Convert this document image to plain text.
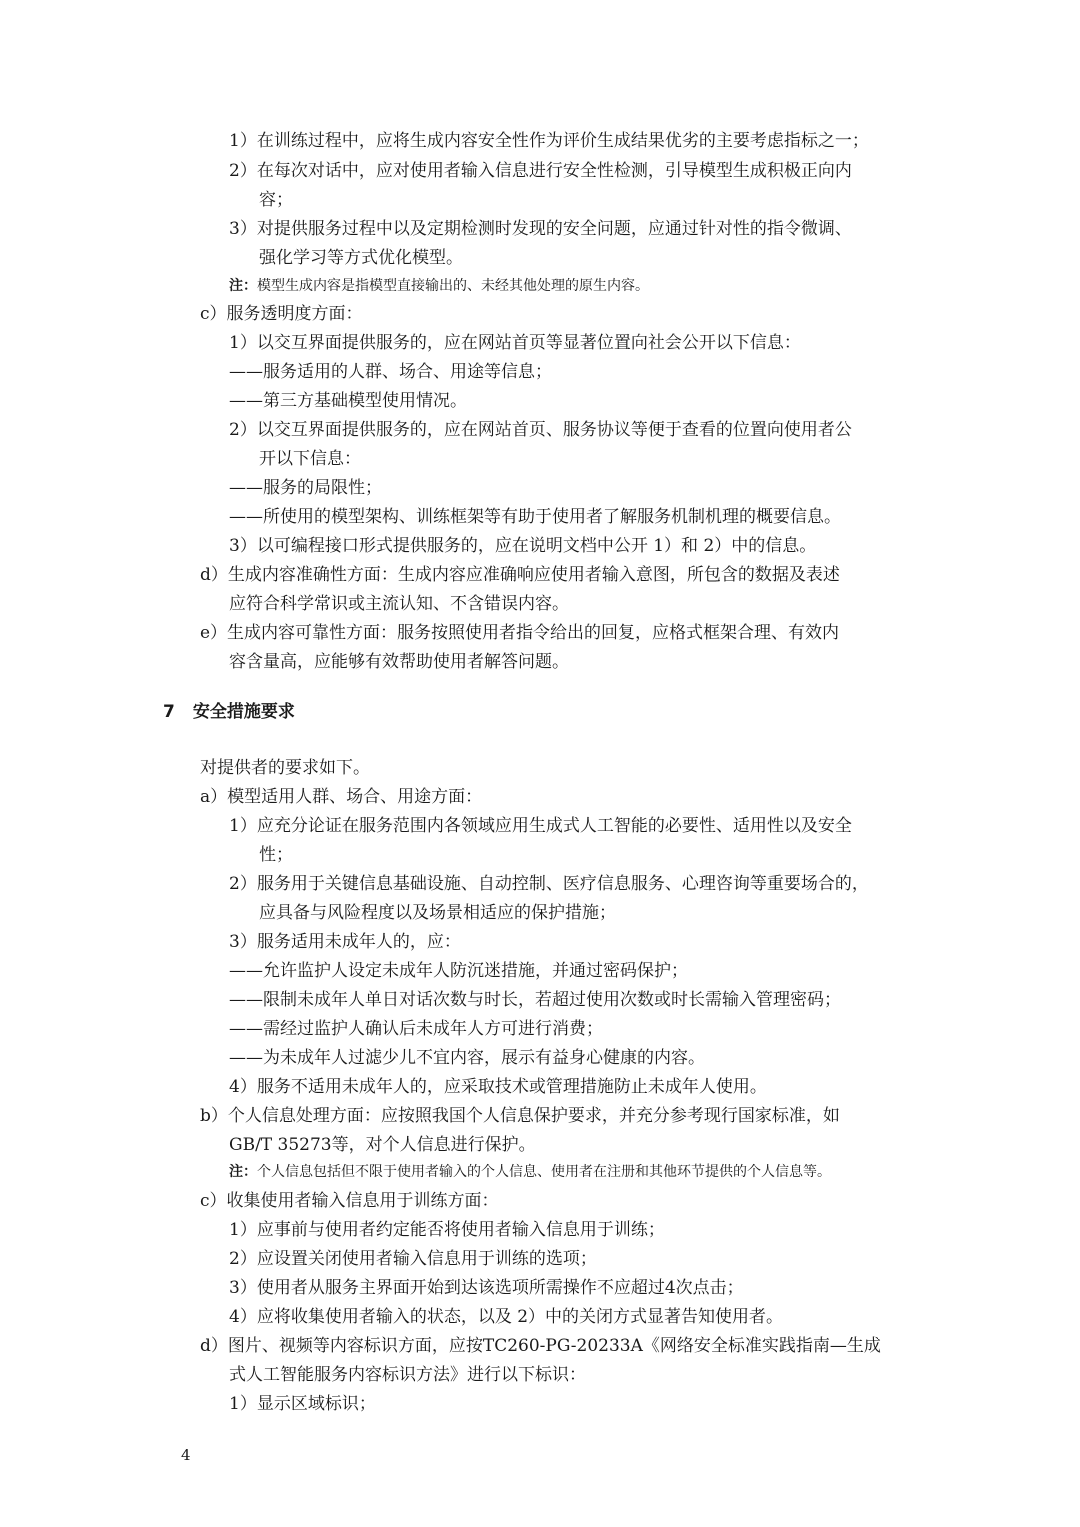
1）在训练过程中，应将生成内容安全性作为评价生成结果优劣的主要考虑指标之一；
2）在每次对话中，应对使用者输入信息进行安全性检测，引导模型生成积极正向内
容；
3）对提供服务过程中以及定期检测时发现的安全问题，应通过针对性的指令微调、
强化学习等方式优化模型。
注：模型生成内容是指模型直接输出的、未经其他处理的原生内容。
c）服务透明度方面：
1）以交互界面提供服务的，应在网站首页等显著位置向社会公开以下信息：
——服务适用的人群、场合、用途等信息；
——第三方基础模型使用情况。
2）以交互界面提供服务的，应在网站首页、服务协议等便于查看的位置向使用者公
开以下信息：
——服务的局限性；
——所使用的模型架构、训练框架等有助于使用者了解服务机制机理的概要信息。
3）以可编程接口形式提供服务的，应在说明文档中公开 1）和 2）中的信息。
d）生成内容准确性方面：生成内容应准确响应使用者输入意图，所包含的数据及表述
应符合科学常识或主流认知、不含错误内容。
e）生成内容可靠性方面：服务按照使用者指令给出的回复，应格式框架合理、有效内
容含量高，应能够有效帮助使用者解答问题。
7 安全措施要求
对提供者的要求如下。
a）模型适用人群、场合、用途方面：
1）应充分论证在服务范围内各领域应用生成式人工智能的必要性、适用性以及安全
性；
2）服务用于关键信息基础设施、自动控制、医疗信息服务、心理咨询等重要场合的，
应具备与风险程度以及场景相适应的保护措施；
3）服务适用未成年人的，应：
——允许监护人设定未成年人防沉迷措施，并通过密码保护；
——限制未成年人单日对话次数与时长，若超过使用次数或时长需输入管理密码；
——需经过监护人确认后未成年人方可进行消费；
——为未成年人过滤少儿不宜内容，展示有益身心健康的内容。
4）服务不适用未成年人的，应采取技术或管理措施防止未成年人使用。
b）个人信息处理方面：应按照我国个人信息保护要求，并充分参考现行国家标准，如
GB/T 35273等，对个人信息进行保护。
注：个人信息包括但不限于使用者输入的个人信息、使用者在注册和其他环节提供的个人信息等。
c）收集使用者输入信息用于训练方面：
1）应事前与使用者约定能否将使用者输入信息用于训练；
2）应设置关闭使用者输入信息用于训练的选项；
3）使用者从服务主界面开始到达该选项所需操作不应超过4次点击；
4）应将收集使用者输入的状态，以及 2）中的关闭方式显著告知使用者。
d）图片、视频等内容标识方面，应按TC260-PG-20233A《网络安全标准实践指南—生成
式人工智能服务内容标识方法》进行以下标识：
1）显示区域标识；
4
